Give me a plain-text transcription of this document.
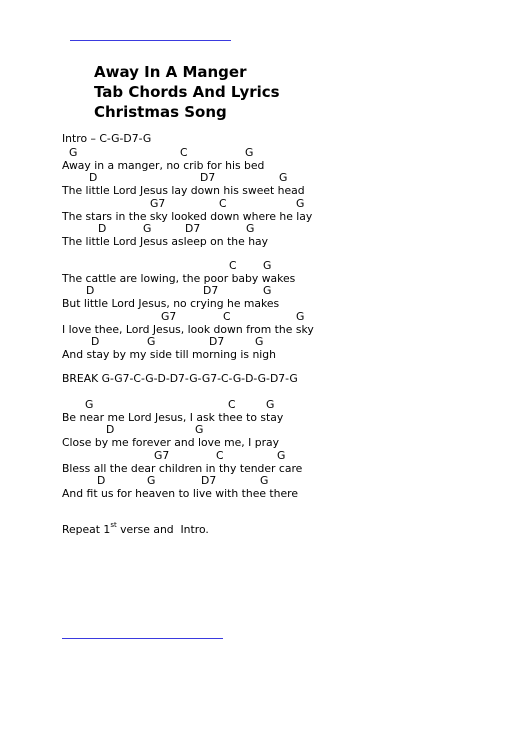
Away In A Manger
Tab Chords And Lyrics
Christmas Song
Intro – C-G-D7-G
G	C	G
Away in a manger, no crib for his bed
D	D7	G
The little Lord Jesus lay down his sweet head
G7	C	G
The stars in the sky looked down where he lay
D	G	D7	G
The little Lord Jesus asleep on the hay
C G
The cattle are lowing, the poor baby wakes
D	D7	G
But little Lord Jesus, no crying he makes
G7	C	G
I love thee, Lord Jesus, look down from the sky
D	G	D7	G
And stay by my side till morning is nigh
G	C	G
Be near me Lord Jesus, I ask thee to stay
D	G
Close by me forever and love me, I pray
G7	C	G
Bless all the dear children in thy tender care
D	G	D7	G
And fit us for heaven to live with thee there
BREAK G-G7-C-G-D-D7-G-G7-C-G-D-G-D7-G
Repeat 1st verse and  Intro.
